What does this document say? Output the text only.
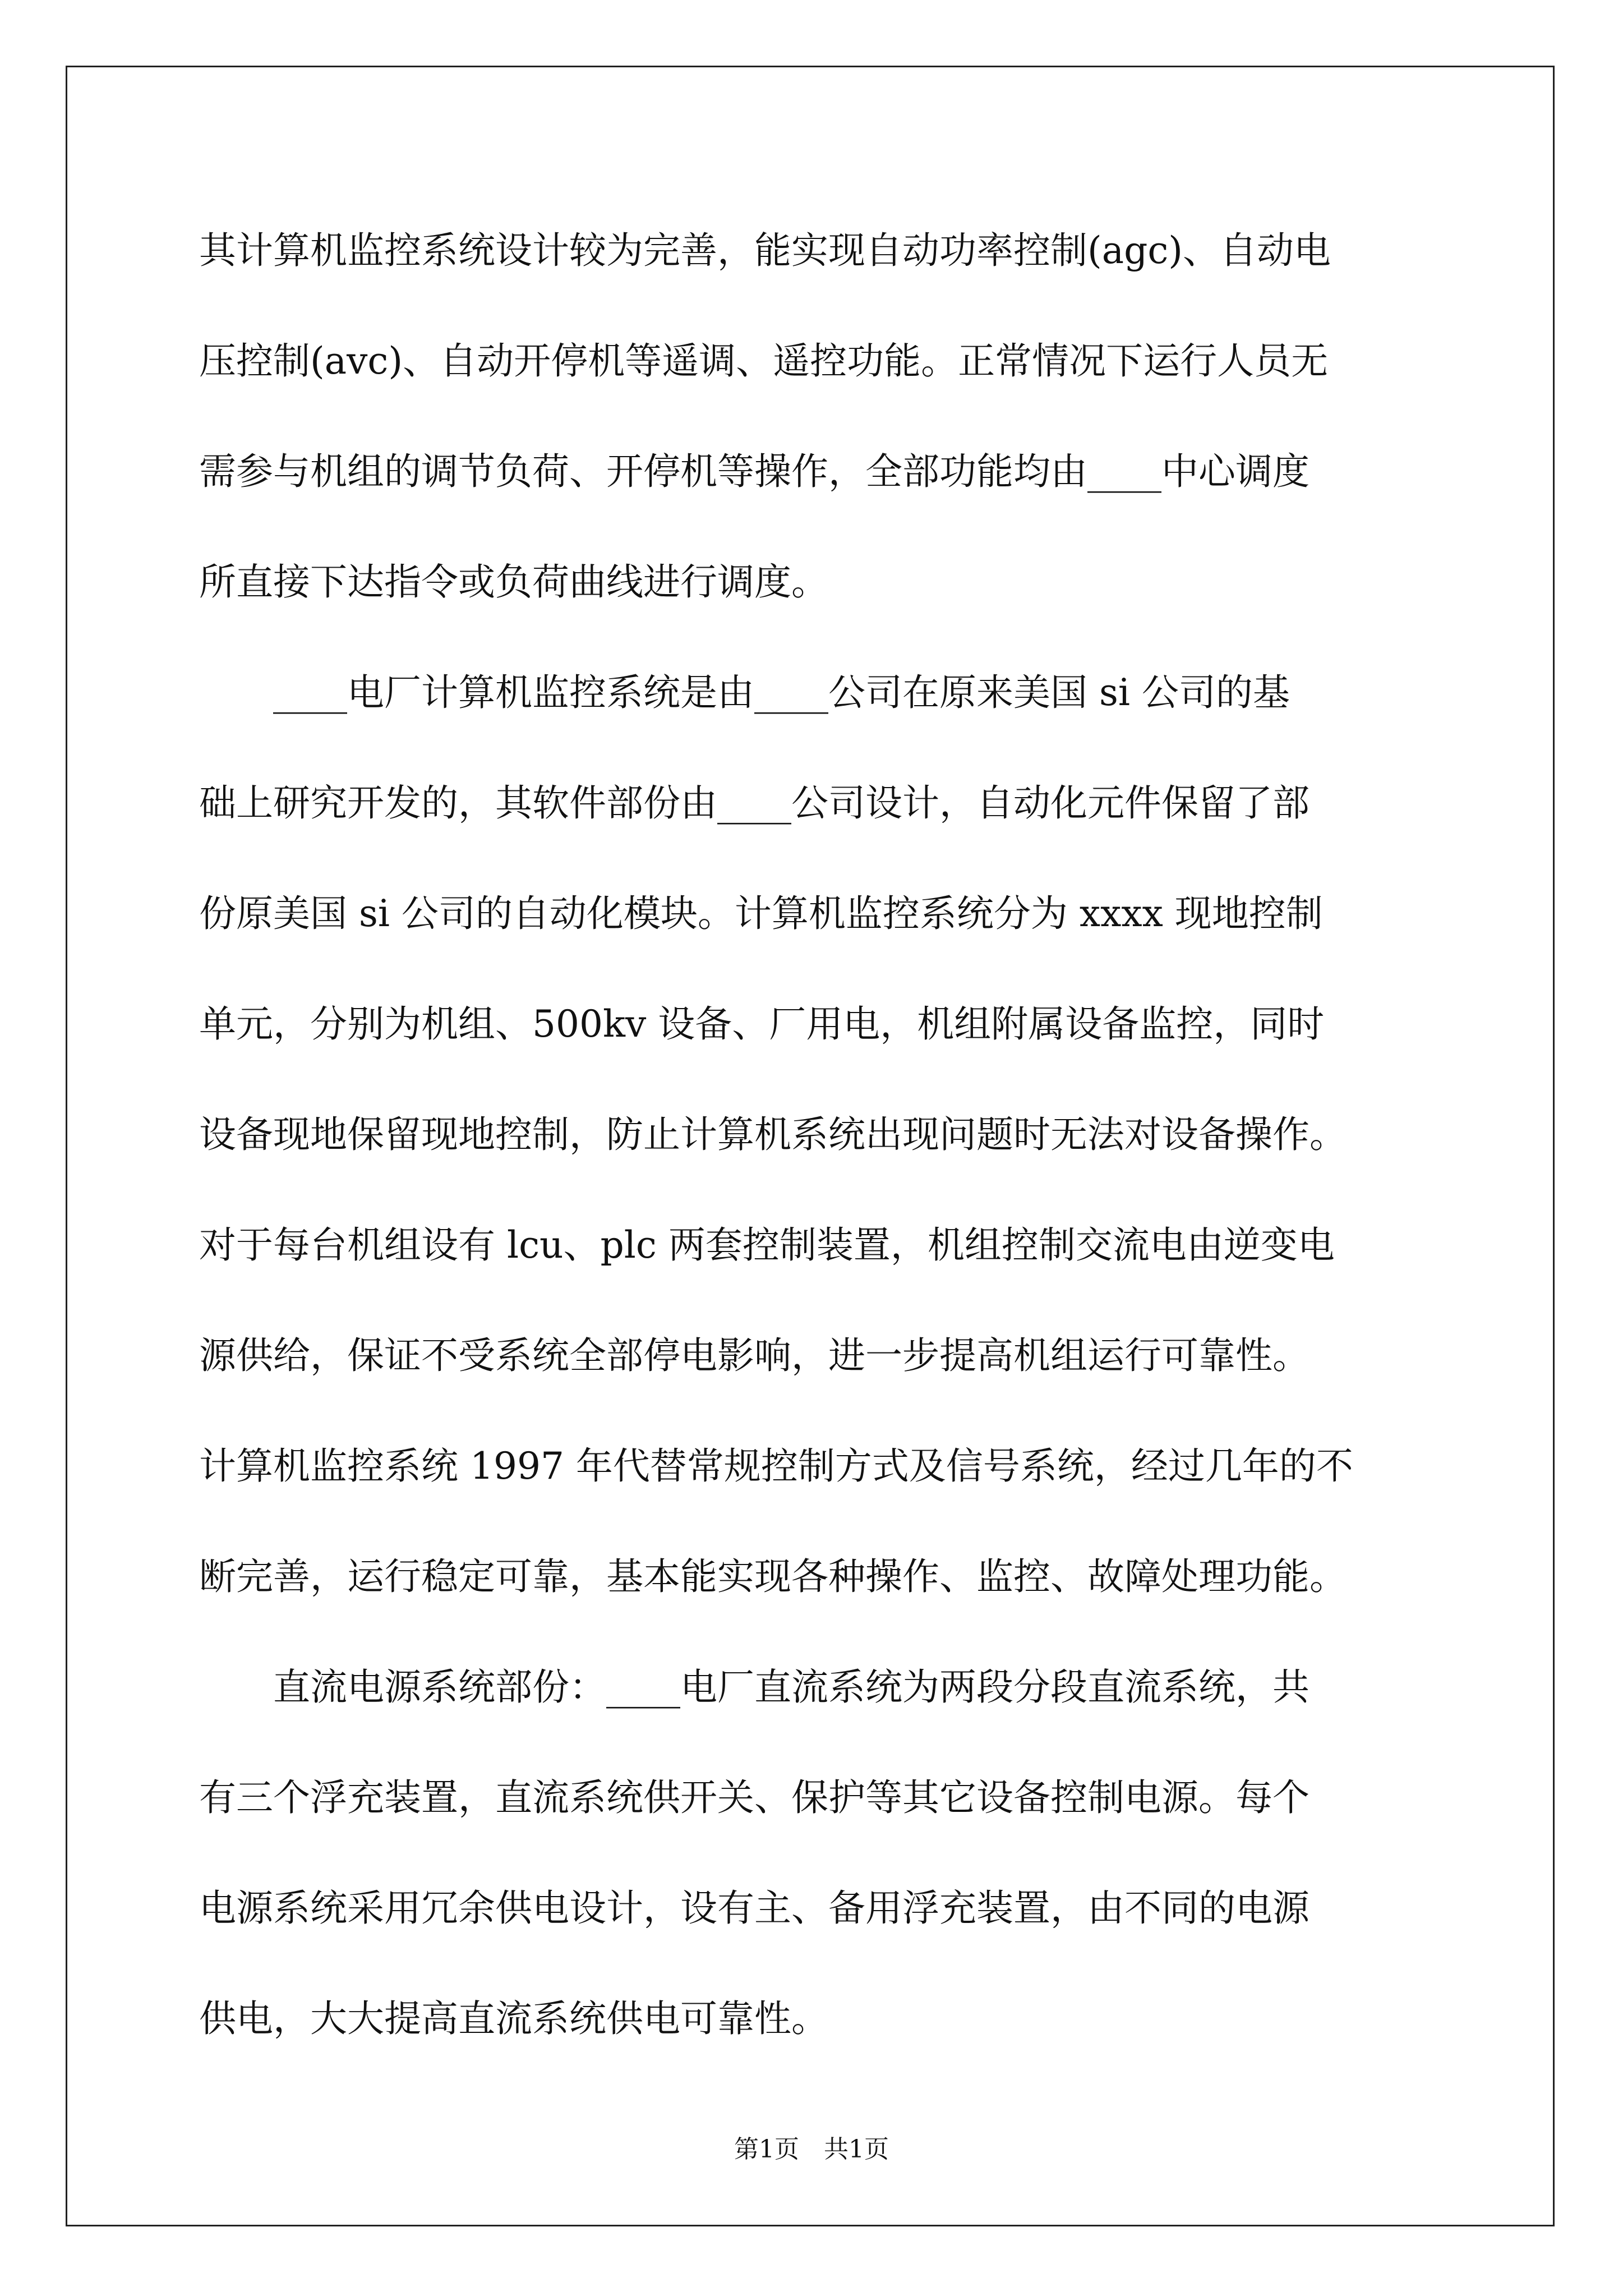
其计算机监控系统设计较为完善，能实现自动功率控制(agc)、自动电
压控制(avc)、自动开停机等遥调、遥控功能。正常情况下运行人员无
需参与机组的调节负荷、开停机等操作，全部功能均由____中心调度
所直接下达指令或负荷曲线进行调度。
____电厂计算机监控系统是由____公司在原来美国 si 公司的基
础上研究开发的，其软件部份由____公司设计，自动化元件保留了部
份原美国 si 公司的自动化模块。计算机监控系统分为 xxxx 现地控制
单元，分别为机组、500kv 设备、厂用电，机组附属设备监控，同时
设备现地保留现地控制，防止计算机系统出现问题时无法对设备操作。
对于每台机组设有 lcu、plc 两套控制装置，机组控制交流电由逆变电
源供给，保证不受系统全部停电影响，进一步提高机组运行可靠性。
计算机监控系统 1997 年代替常规控制方式及信号系统，经过几年的不
断完善，运行稳定可靠，基本能实现各种操作、监控、故障处理功能。
直流电源系统部份：____电厂直流系统为两段分段直流系统，共
有三个浮充装置，直流系统供开关、保护等其它设备控制电源。每个
电源系统采用冗余供电设计，设有主、备用浮充装置，由不同的电源
供电，大大提高直流系统供电可靠性。
第1页　共1页
